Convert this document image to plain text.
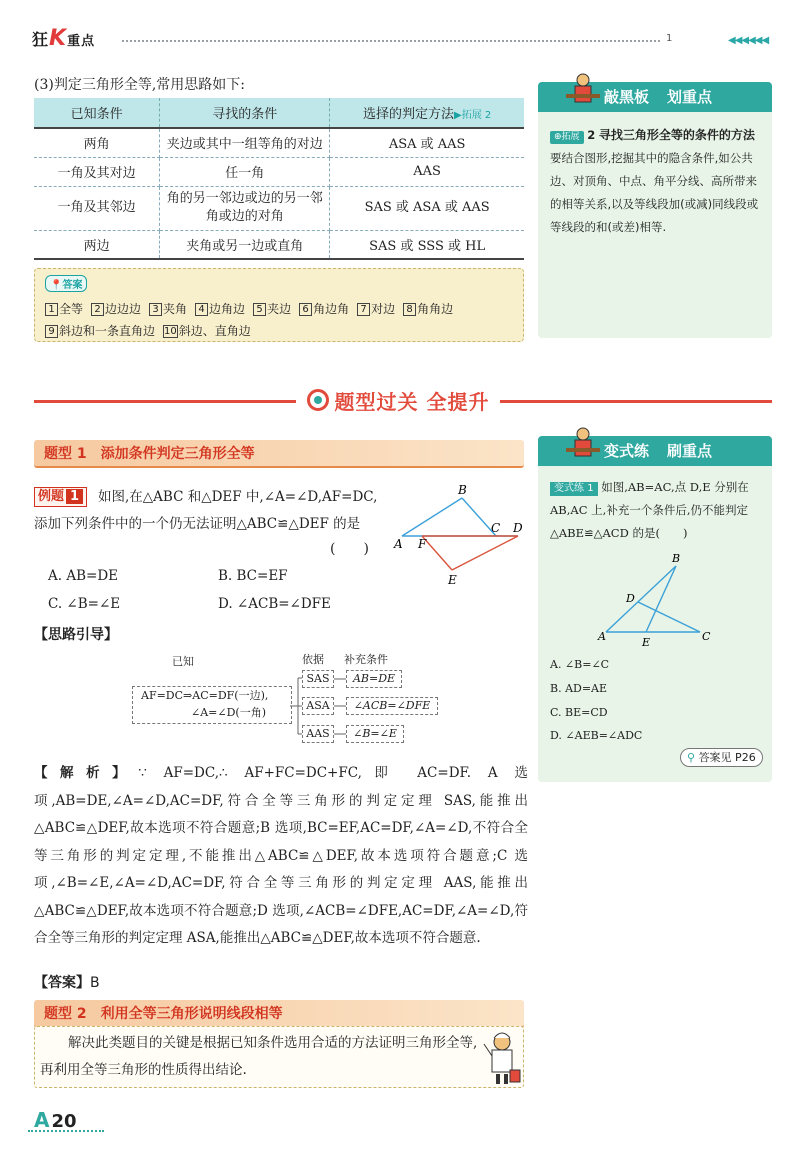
狂K重点	1	◀◀◀◀◀◀
(3)判定三角形全等,常用思路如下:
已知条件	寻找的条件	选择的判定方法▶拓展 2
两角	夹边或其中一组等角的对边	ASA 或 AAS
一角及其对边	任一角	AAS
一角及其邻边	角的另一邻边或边的另一邻角或边的对角	SAS 或 ASA 或 AAS
两边	夹角或另一边或直角	SAS 或 SSS 或 HL
📍答案
1 全等 2 边边边 3 夹角 4 边角边 5 夹边 6 角边角 7 对边 8 角角边9 斜边和一条直角边 10 斜边、直角边
敲黑板 划重点
⊕拓展 2 寻找三角形全等的条件的方法
要结合图形,挖掘其中的隐含条件,如公共边、对顶角、中点、角平分线、高所带来的相等关系,以及等线段加(或减)同线段或等线段的和(或差)相等.
题型过关 全提升
题型 1　 添加条件判定三角形全等
如图,在△ABC 和△DEF 中,∠A=∠D,AF=DC,添加下列条件中的一个仍无法证明△ABC≌△DEF 的是
例题 1
(　　)
B
C D
A F
E
A. AB=DE	B. BC=EF
C. ∠B=∠E	D. ∠ACB=∠DFE
【思路引导】
已知	依据 补充条件
AF=DC⇒AC=DF(一边),
∠A=∠D(一角)
SAS
ASA
AAS
AB=DE
∠ACB=∠DFE
∠B=∠E
【解析】∵ AF=DC,∴ AF+FC=DC+FC,即 AC=DF. A 选项,AB=DE,∠A=∠D,AC=DF,符合全等三角形的判定定理 SAS,能推出△ABC≌△DEF,故本选项不符合题意;B 选项,BC=EF,AC=DF,∠A=∠D,不符合全等三角形的判定定理,不能推出△ABC≌△DEF,故本选项符合题意;C 选项,∠B=∠E,∠A=∠D,AC=DF,符合全等三角形的判定定理 AAS,能推出△ABC≌△DEF,故本选项不符合题意;D 选项,∠ACB=∠DFE,AC=DF,∠A=∠D,符合全等三角形的判定定理 ASA,能推出△ABC≌△DEF,故本选项不符合题意.
【答案】B
题型 2　 利用全等三角形说明线段相等
解决此类题目的关键是根据已知条件选用合适的方法证明三角形全等,再利用全等三角形的性质得出结论.
变式练 刷重点
变式练 1 如图,AB=AC,点 D,E 分别在 AB,AC 上,补充一个条件后,仍不能判定△ABE≌△ACD 的是(　　)
B
D
A	E	C
A. ∠B=∠C
B. AD=AE
C. BE=CD
D. ∠AEB=∠ADC
⚲ 答案见 P26
A 20
